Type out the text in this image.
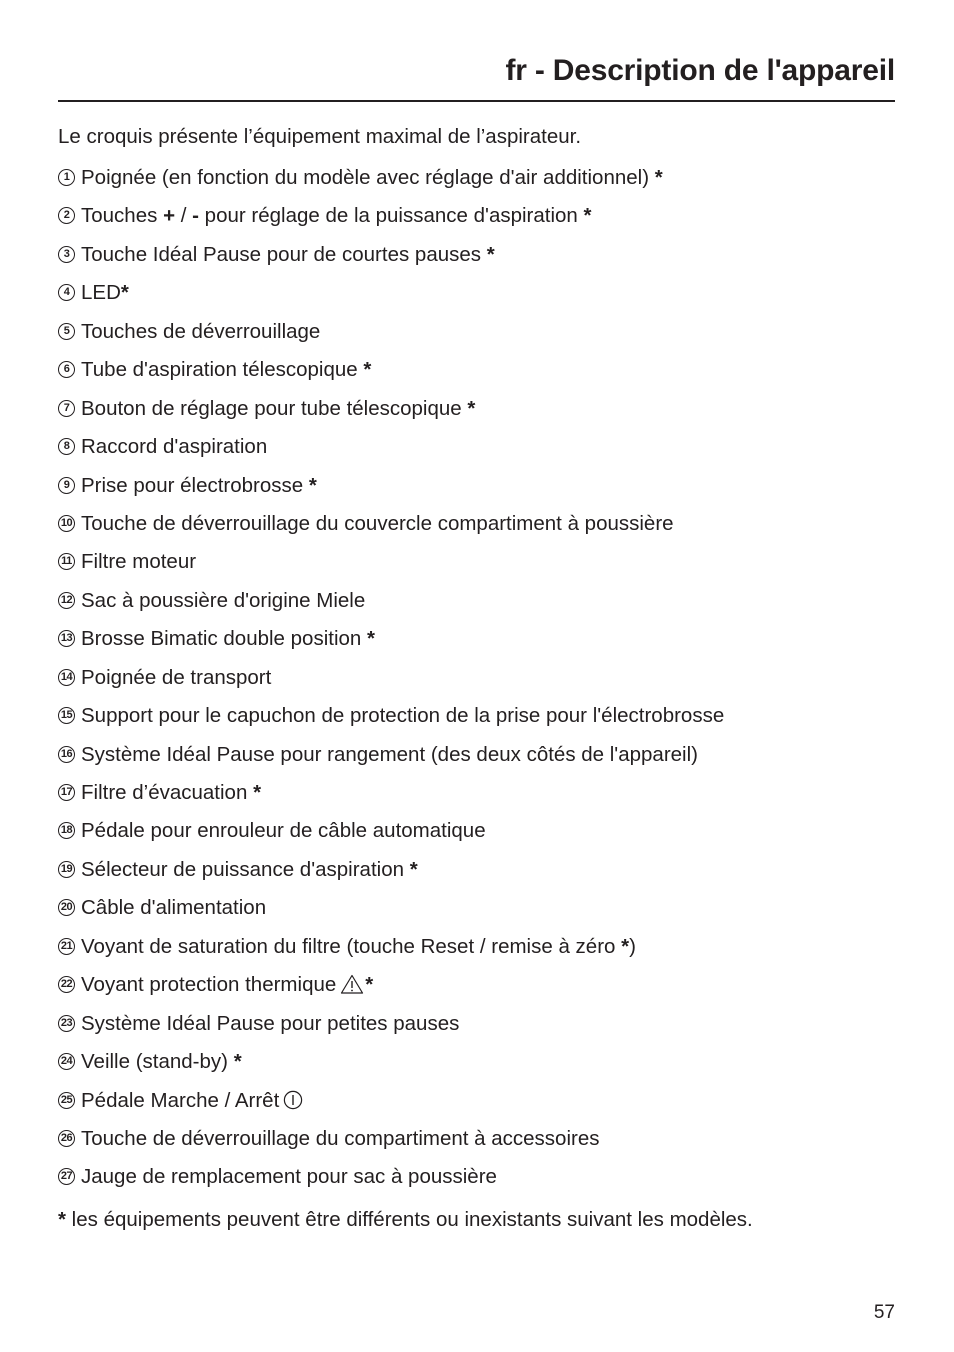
fr - Description de l'appareil
Le croquis présente l’équipement maximal de l’aspirateur.
1 Poignée (en fonction du modèle avec réglage d'air additionnel) *
2 Touches + / - pour réglage de la puissance d'aspiration *
3 Touche Idéal Pause pour de courtes pauses *
4 LED*
5 Touches de déverrouillage
6 Tube d'aspiration télescopique *
7 Bouton de réglage pour tube télescopique *
8 Raccord d'aspiration
9 Prise pour électrobrosse *
10 Touche de déverrouillage du couvercle compartiment à poussière
11 Filtre moteur
12 Sac à poussière d'origine Miele
13 Brosse Bimatic double position *
14 Poignée de transport
15 Support pour le capuchon de protection de la prise pour l'électrobrosse
16 Système Idéal Pause pour rangement (des deux côtés de l'appareil)
17 Filtre d’évacuation *
18 Pédale pour enrouleur de câble automatique
19 Sélecteur de puissance d'aspiration *
20 Câble d'alimentation
21 Voyant de saturation du filtre (touche Reset / remise à zéro *)
22 Voyant protection thermique *
23 Système Idéal Pause pour petites pauses
24 Veille (stand-by) *
25 Pédale Marche / Arrêt
26 Touche de déverrouillage du compartiment à accessoires
27 Jauge de remplacement pour sac à poussière
* les équipements peuvent être différents ou inexistants suivant les modèles.
57
